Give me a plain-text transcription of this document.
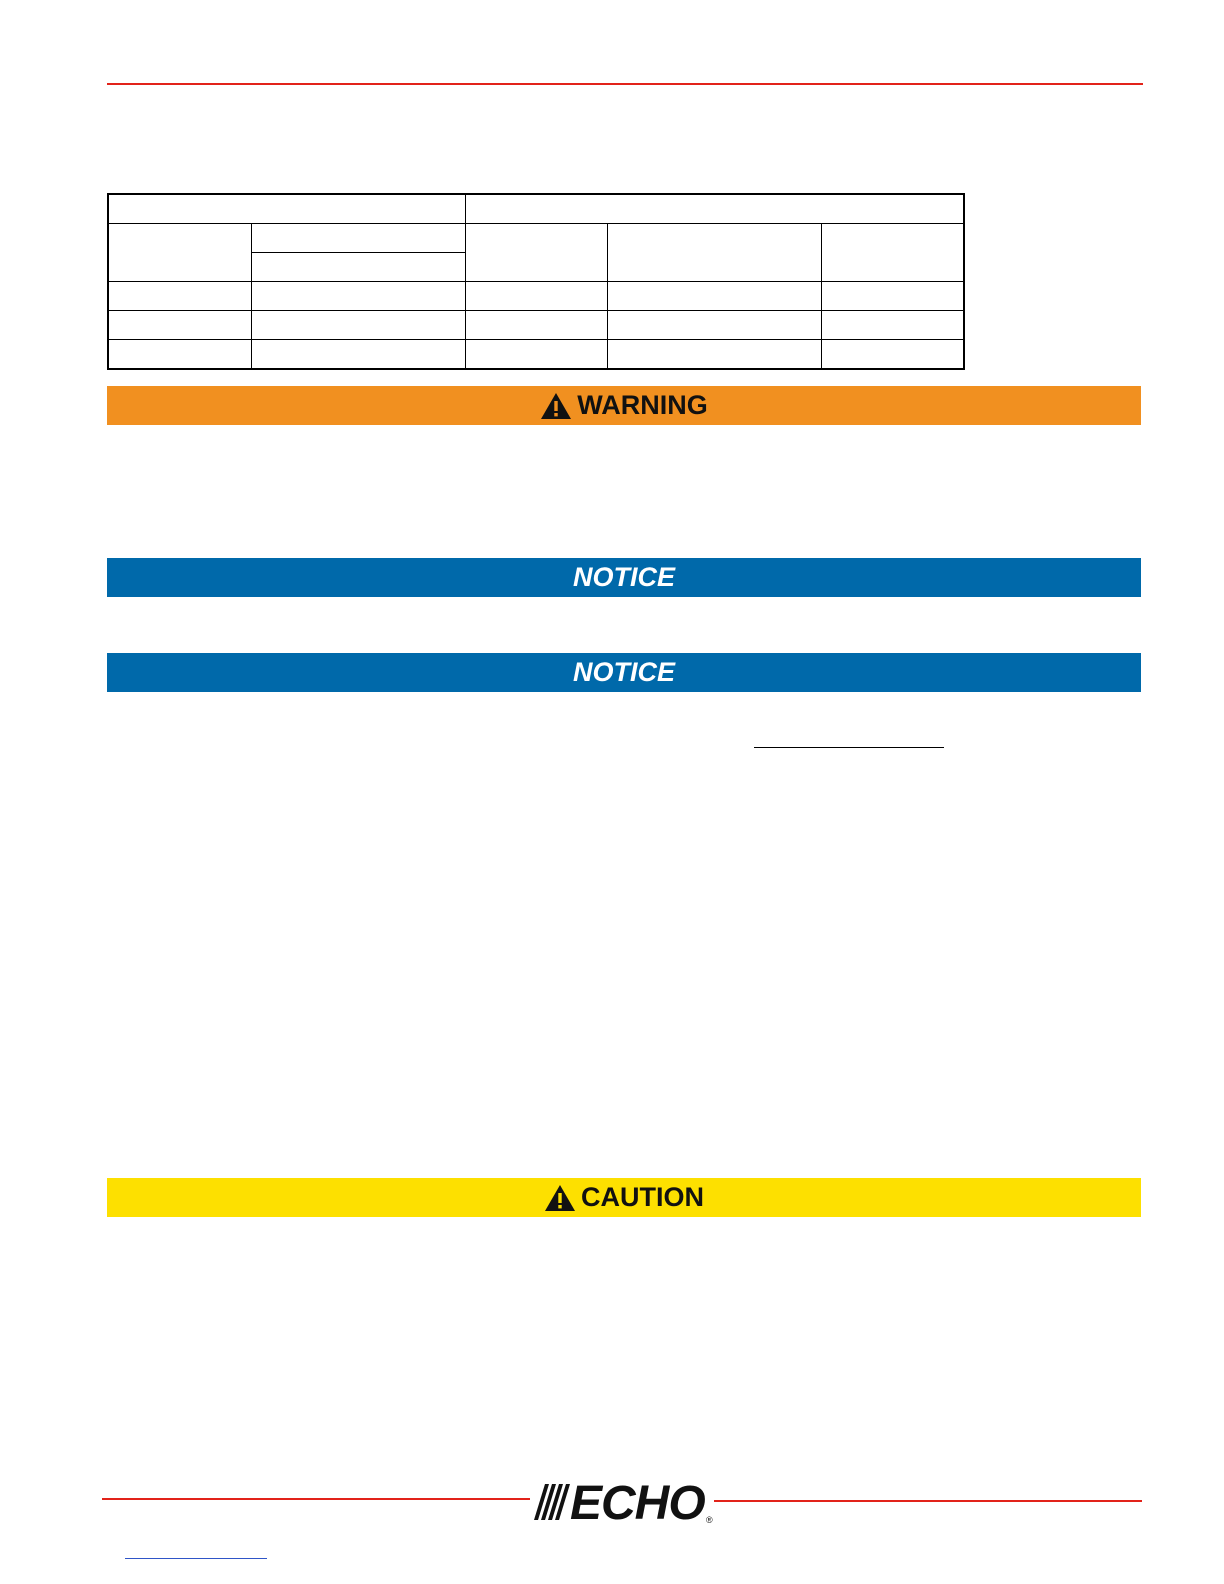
WARNING
NOTICE
NOTICE
CAUTION
ECHO ®
